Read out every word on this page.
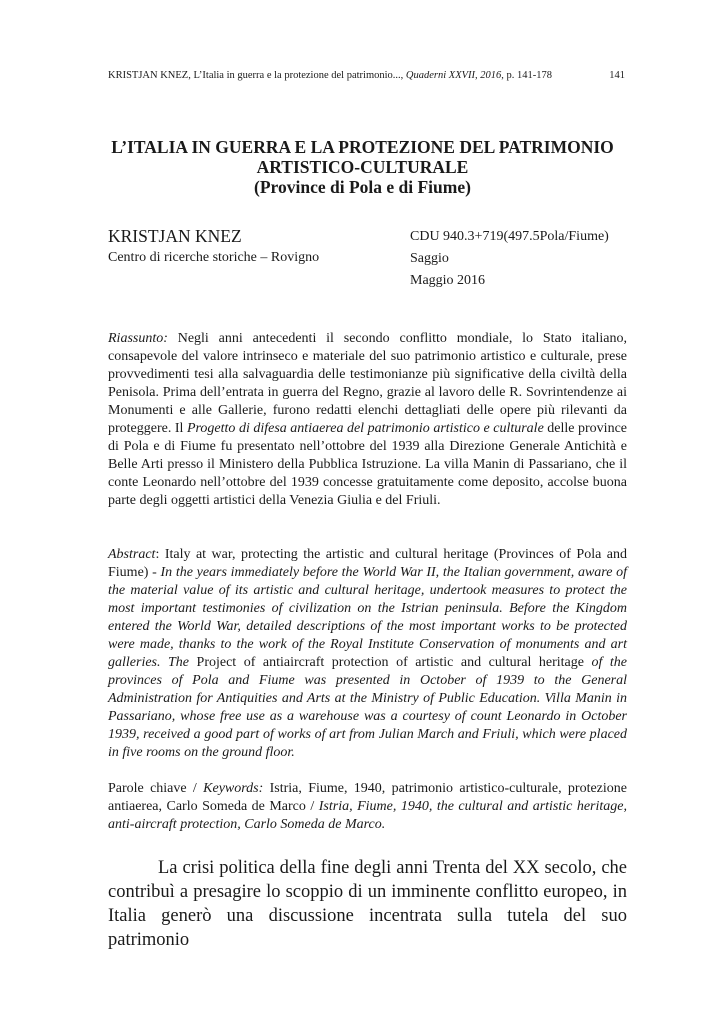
KRISTJAN KNEZ, L’Italia in guerra e la protezione del patrimonio..., Quaderni XXVII, 2016, p. 141-178	141
L’ITALIA IN GUERRA E LA PROTEZIONE DEL PATRIMONIO
ARTISTICO-CULTURALE
(Province di Pola e di Fiume)
KRISTJAN KNEZ
Centro di ricerche storiche – Rovigno
CDU 940.3+719(497.5Pola/Fiume)
Saggio
Maggio 2016

Riassunto: Negli anni antecedenti il secondo conflitto mondiale, lo Stato italiano, consapevole del valore intrinseco e materiale del suo patrimonio artistico e culturale, prese provvedimenti tesi alla salvaguardia delle testimonianze più significative della civiltà della Penisola. Prima dell’entrata in guerra del Regno, grazie al lavoro delle R. Sovrintendenze ai Monumenti e alle Gallerie, furono redatti elenchi dettagliati delle opere più rilevanti da proteggere. Il Progetto di difesa antiaerea del patrimonio artistico e culturale delle province di Pola e di Fiume fu presentato nell’ottobre del 1939 alla Direzione Generale Antichità e Belle Arti presso il Ministero della Pubblica Istruzione. La villa Manin di Passariano, che il conte Leonardo nell’ottobre del 1939 concesse gratuitamente come deposito, accolse buona parte degli oggetti artistici della Venezia Giulia e del Friuli.

Abstract: Italy at war, protecting the artistic and cultural heritage (Provinces of Pola and Fiume) - In the years immediately before the World War II, the Italian government, aware of the material value of its artistic and cultural heritage, undertook measures to protect the most important testimonies of civilization on the Istrian peninsula. Before the Kingdom entered the World War, detailed descriptions of the most important works to be protected were made, thanks to the work of the Royal Institute Conservation of monuments and art galleries. The Project of antiaircraft protection of artistic and cultural heritage of the provinces of Pola and Fiume was presented in October of 1939 to the General Administration for Antiquities and Arts at the Ministry of Public Education. Villa Manin in Passariano, whose free use as a warehouse was a courtesy of count Leonardo in October 1939, received a good part of works of art from Julian March and Friuli, which were placed in five rooms on the ground floor.

Parole chiave / Keywords: Istria, Fiume, 1940, patrimonio artistico-culturale, protezione antiaerea, Carlo Someda de Marco / Istria, Fiume, 1940, the cultural and artistic heritage, anti-aircraft protection, Carlo Someda de Marco.

La crisi politica della fine degli anni Trenta del XX secolo, che contribuì a presagire lo scoppio di un imminente conflitto europeo, in Italia generò una discussione incentrata sulla tutela del suo patrimonio
